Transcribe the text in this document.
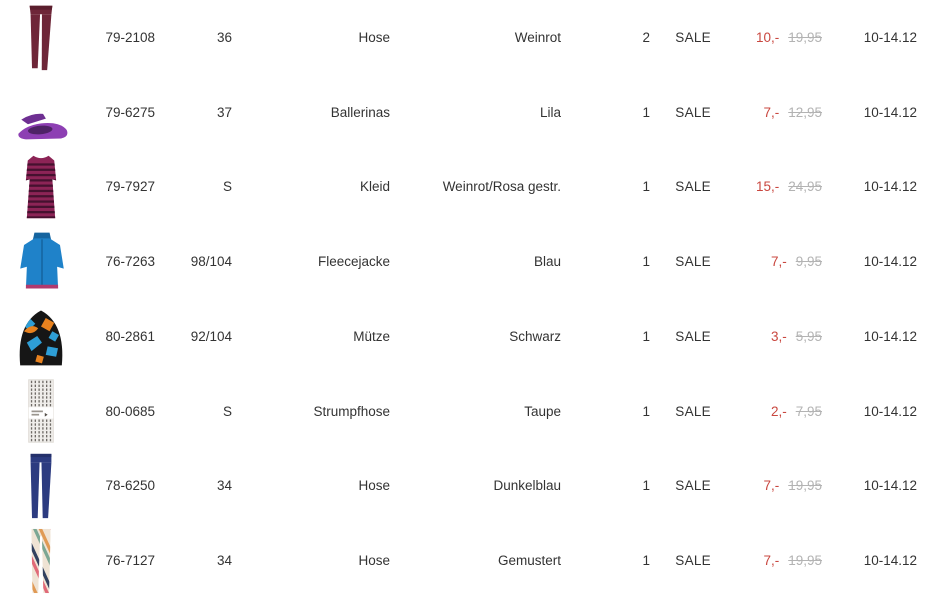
79-2108	36	Hose	Weinrot	2	SALE	10,- 19,95	10-14.12
79-6275	37	Ballerinas	Lila	1	SALE	7,- 12,95	10-14.12
79-7927	S	Kleid	Weinrot/Rosa gestr.	1	SALE	15,- 24,95	10-14.12
76-7263	98/104	Fleecejacke	Blau	1	SALE	7,- 9,95	10-14.12
80-2861	92/104	Mütze	Schwarz	1	SALE	3,- 5,95	10-14.12
80-0685	S	Strumpfhose	Taupe	1	SALE	2,- 7,95	10-14.12
78-6250	34	Hose	Dunkelblau	1	SALE	7,- 19,95	10-14.12
76-7127	34	Hose	Gemustert	1	SALE	7,- 19,95	10-14.12
